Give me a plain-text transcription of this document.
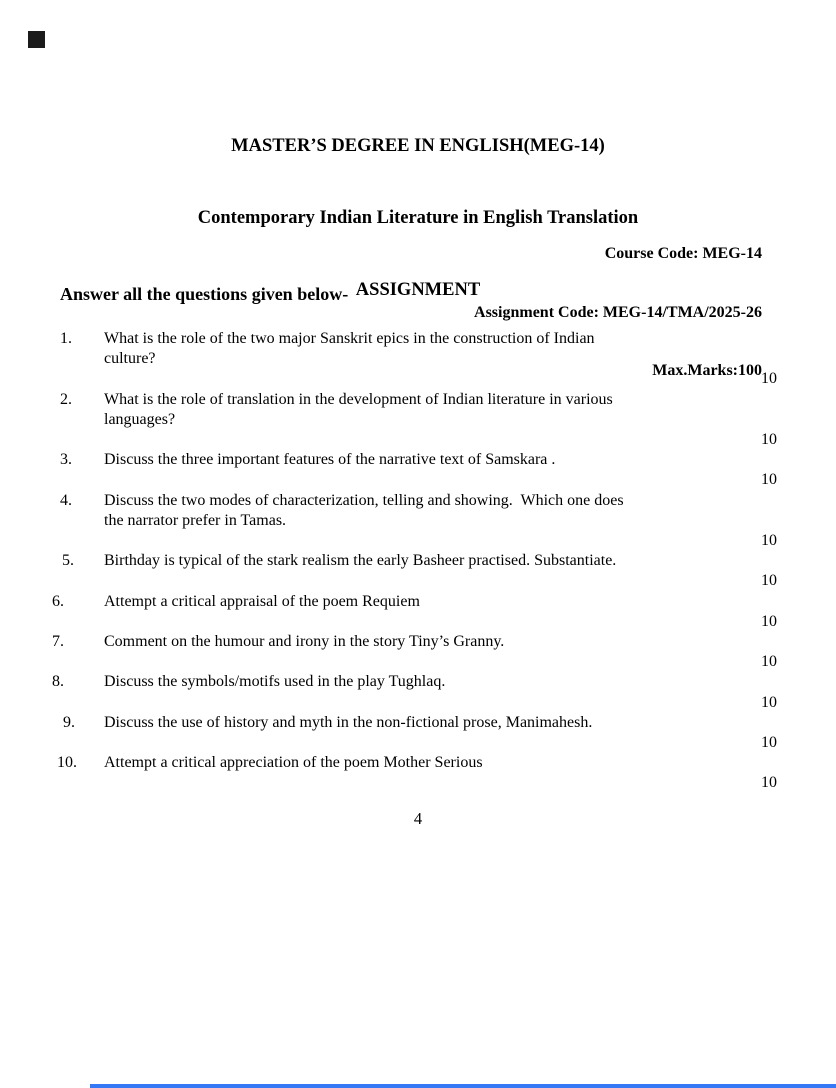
MASTER’S DEGREE IN ENGLISH(MEG-14)

Contemporary Indian Literature in English Translation

ASSIGNMENT

Course Code: MEG-14

Assignment Code: MEG-14/TMA/2025-26

Max.Marks:100

Answer all the questions given below-
1. What is the role of the two major Sanskrit epics in the construction of Indian
culture?
10
2. What is the role of translation in the development of Indian literature in various
languages?
10
3. Discuss the three important features of the narrative text of Samskara .
10
4. Discuss the two modes of characterization, telling and showing.  Which one does
the narrator prefer in Tamas.
10
5. Birthday is typical of the stark realism the early Basheer practised. Substantiate.
10
6.	Attempt a critical appraisal of the poem Requiem
10
7.	Comment on the humour and irony in the story Tiny’s Granny.
10
8.	Discuss the symbols/motifs used in the play Tughlaq.
10
9. Discuss the use of history and myth in the non-fictional prose, Manimahesh.
10
10. Attempt a critical appreciation of the poem Mother Serious
10
4
